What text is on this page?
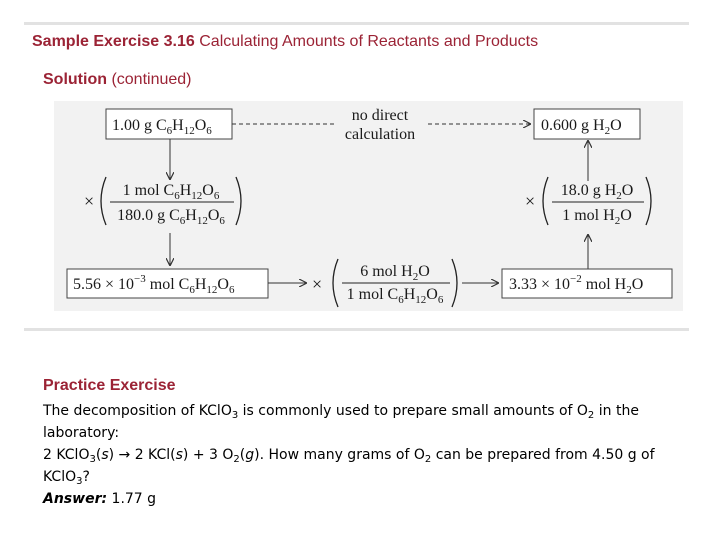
Sample Exercise 3.16 Calculating Amounts of Reactants and Products
Solution (continued)
1.00 g $C_6H_{12}O_6$
no direct
calculation
0.600 g $H_2O$
×
1 mol $C_6H_{12}O_6$
180.0 g $C_6H_{12}O_6$
×
18.0 g $H_2O$
1 mol $H_2O$
$5.56 \times 10^{-3}$ mol $C_6H_{12}O_6$	×
6 mol $H_2O$
1 mol $C_6H_{12}O_6$
$3.33 \times 10^{-2}$ mol $H_2O$
Practice Exercise

The decomposition of KClO$_3$ is commonly used to prepare small amounts of $O_2$ in the laboratory:

2 KClO$_3$(s) → 2 KCl(s) + 3 $O_2(g)$. How many grams of $O_2$ can be prepared from 4.50 g of KClO$_3$?

Answer: 1.77 g
